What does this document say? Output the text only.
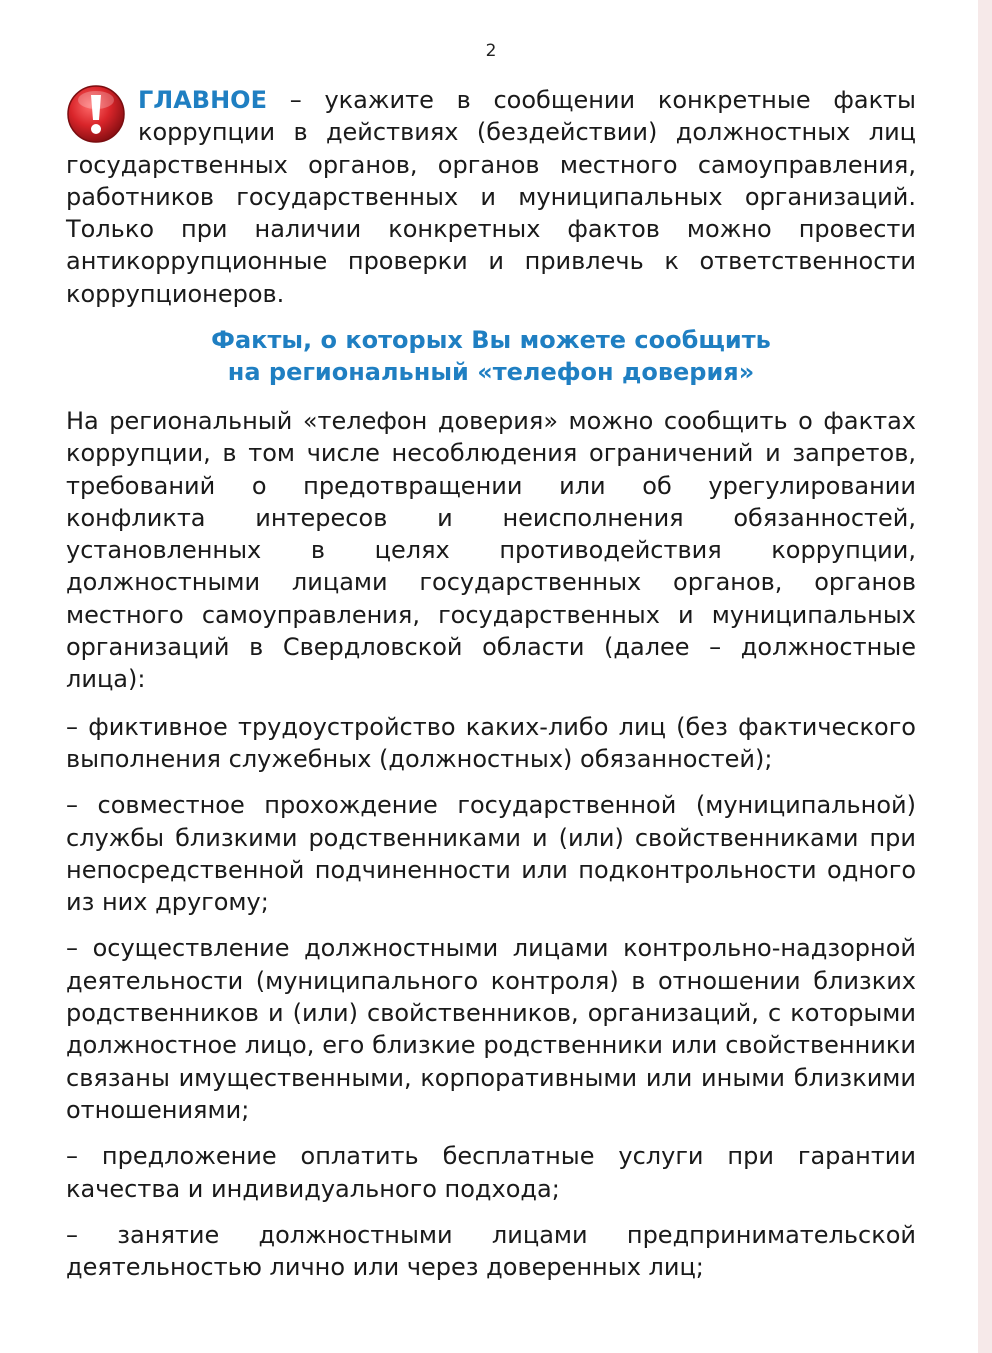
2

ГЛАВНОЕ – укажите в сообщении конкретные факты коррупции в действиях (бездействии) должностных лиц государственных органов, органов местного самоуправления, работников государственных и муниципальных организаций. Только при наличии конкретных фактов можно провести антикоррупционные проверки и привлечь к ответственности коррупционеров.

Факты, о которых Вы можете сообщить
на региональный «телефон доверия»

На региональный «телефон доверия» можно сообщить о фактах коррупции, в том числе несоблюдения ограничений и запретов, требований о предотвращении или об урегулировании конфликта интересов и неисполнения обязанностей, установленных в целях противодействия коррупции, должностными лицами государственных органов, органов местного самоуправления, государственных и муниципальных организаций в Свердловской области (далее – должностные лица):

– фиктивное трудоустройство каких-либо лиц (без фактического выполнения служебных (должностных) обязанностей);

– совместное прохождение государственной (муниципальной) службы близкими родственниками и (или) свойственниками при непосредственной подчиненности или подконтрольности одного из них другому;

– осуществление должностными лицами контрольно-надзорной деятельности (муниципального контроля) в отношении близких родственников и (или) свойственников, организаций, с которыми должностное лицо, его близкие родственники или свойственники связаны имущественными, корпоративными или иными близкими отношениями;

– предложение оплатить бесплатные услуги при гарантии качества и индивидуального подхода;

– занятие должностными лицами предпринимательской деятельностью лично или через доверенных лиц;
